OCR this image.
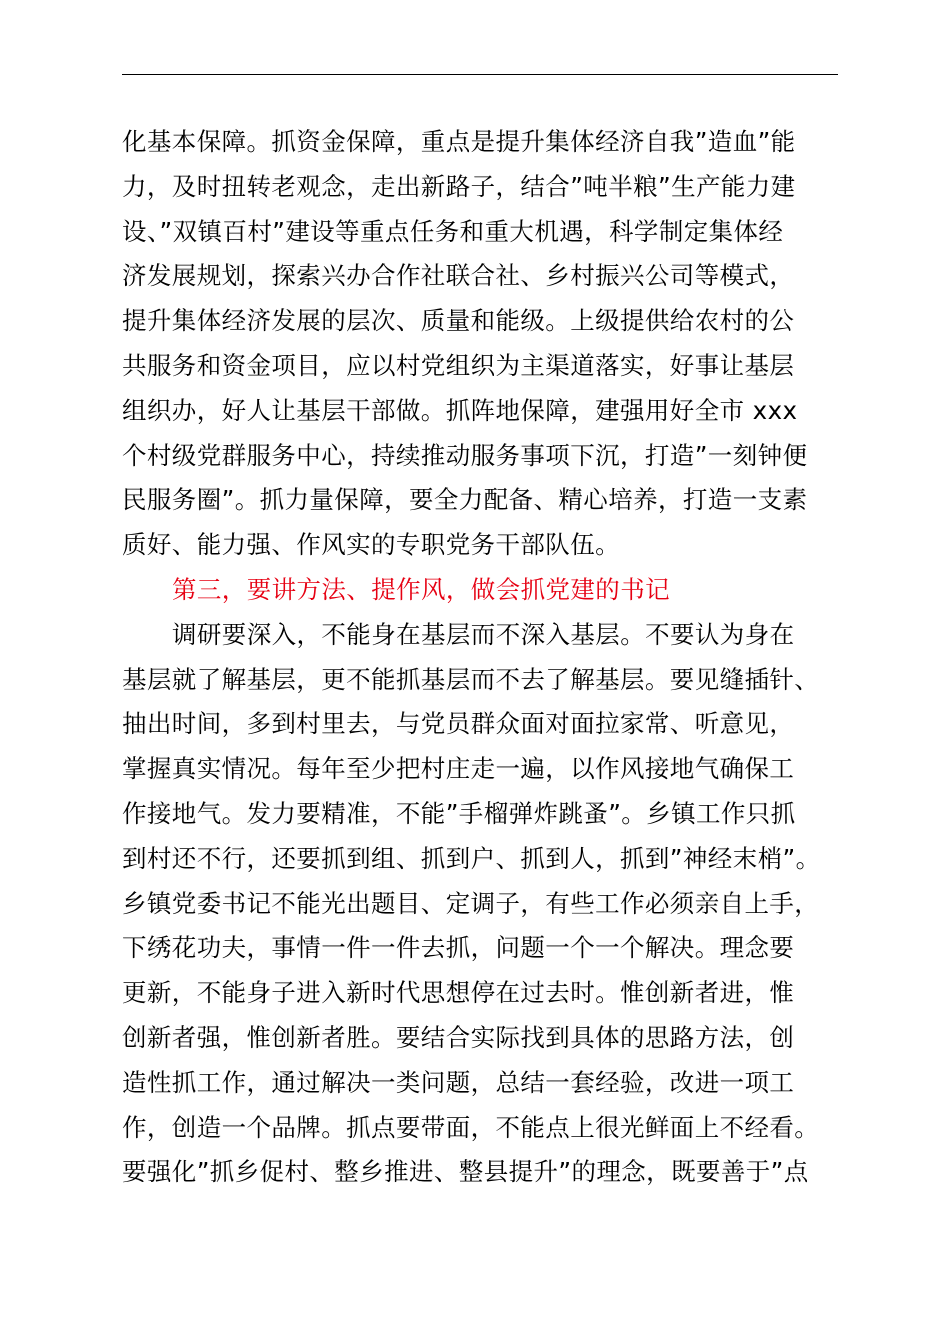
化基本保障。抓资金保障，重点是提升集体经济自我”造血”能
力，及时扭转老观念，走出新路子，结合”吨半粮”生产能力建
设、”双镇百村”建设等重点任务和重大机遇，科学制定集体经
济发展规划，探索兴办合作社联合社、乡村振兴公司等模式，
提升集体经济发展的层次、质量和能级。上级提供给农村的公
共服务和资金项目，应以村党组织为主渠道落实，好事让基层
组织办，好人让基层干部做。抓阵地保障，建强用好全市 xxx
个村级党群服务中心，持续推动服务事项下沉，打造”一刻钟便
民服务圈”。抓力量保障，要全力配备、精心培养，打造一支素
质好、能力强、作风实的专职党务干部队伍。
第三，要讲方法、提作风，做会抓党建的书记
调研要深入，不能身在基层而不深入基层。不要认为身在
基层就了解基层，更不能抓基层而不去了解基层。要见缝插针、
抽出时间，多到村里去，与党员群众面对面拉家常、听意见，
掌握真实情况。每年至少把村庄走一遍，以作风接地气确保工
作接地气。发力要精准，不能”手榴弹炸跳蚤”。乡镇工作只抓
到村还不行，还要抓到组、抓到户、抓到人，抓到”神经末梢”。
乡镇党委书记不能光出题目、定调子，有些工作必须亲自上手，
下绣花功夫，事情一件一件去抓，问题一个一个解决。理念要
更新，不能身子进入新时代思想停在过去时。惟创新者进，惟
创新者强，惟创新者胜。要结合实际找到具体的思路方法，创
造性抓工作，通过解决一类问题，总结一套经验，改进一项工
作，创造一个品牌。抓点要带面，不能点上很光鲜面上不经看。
要强化”抓乡促村、整乡推进、整县提升”的理念，既要善于”点
